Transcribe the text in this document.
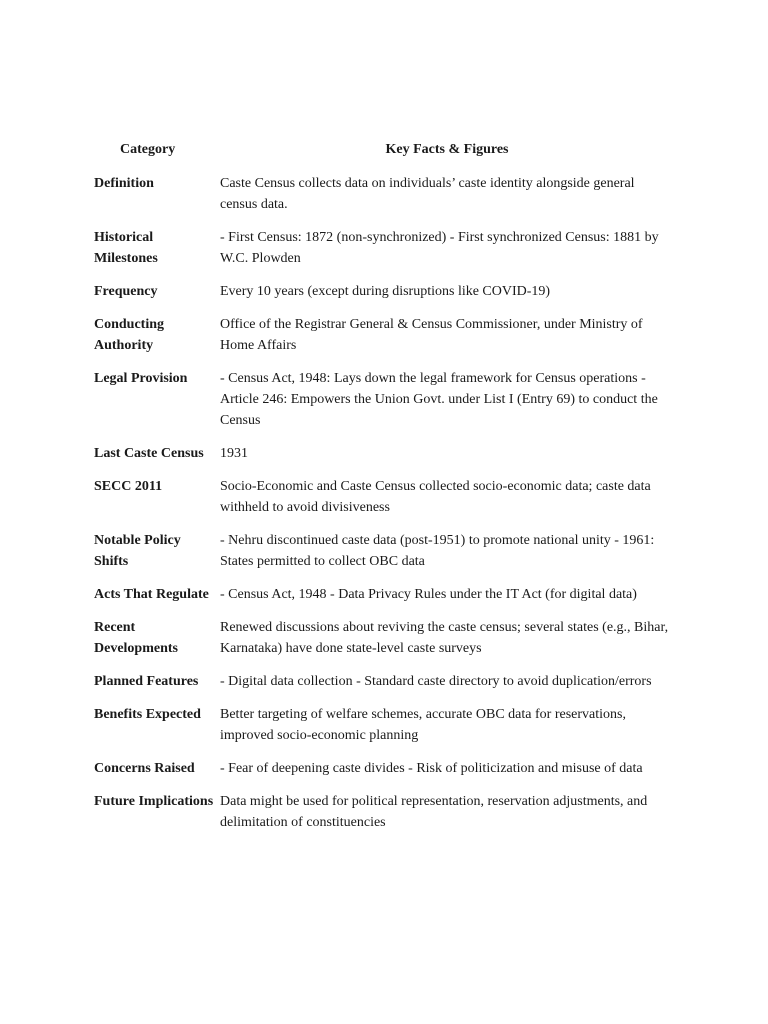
Category	Key Facts & Figures
Definition	Caste Census collects data on individuals’ caste identity alongside general census data.
Historical Milestones	- First Census: 1872 (non-synchronized) - First synchronized Census: 1881 by W.C. Plowden
Frequency	Every 10 years (except during disruptions like COVID-19)
Conducting Authority	Office of the Registrar General & Census Commissioner, under Ministry of Home Affairs
Legal Provision	- Census Act, 1948: Lays down the legal framework for Census operations - Article 246: Empowers the Union Govt. under List I (Entry 69) to conduct the Census
Last Caste Census	1931
SECC 2011	Socio-Economic and Caste Census collected socio-economic data; caste data withheld to avoid divisiveness
Notable Policy Shifts	- Nehru discontinued caste data (post-1951) to promote national unity - 1961: States permitted to collect OBC data
Acts That Regulate	- Census Act, 1948 - Data Privacy Rules under the IT Act (for digital data)
Recent Developments	Renewed discussions about reviving the caste census; several states (e.g., Bihar, Karnataka) have done state-level caste surveys
Planned Features	- Digital data collection - Standard caste directory to avoid duplication/errors
Benefits Expected	Better targeting of welfare schemes, accurate OBC data for reservations, improved socio-economic planning
Concerns Raised	- Fear of deepening caste divides - Risk of politicization and misuse of data
Future Implications	Data might be used for political representation, reservation adjustments, and delimitation of constituencies
